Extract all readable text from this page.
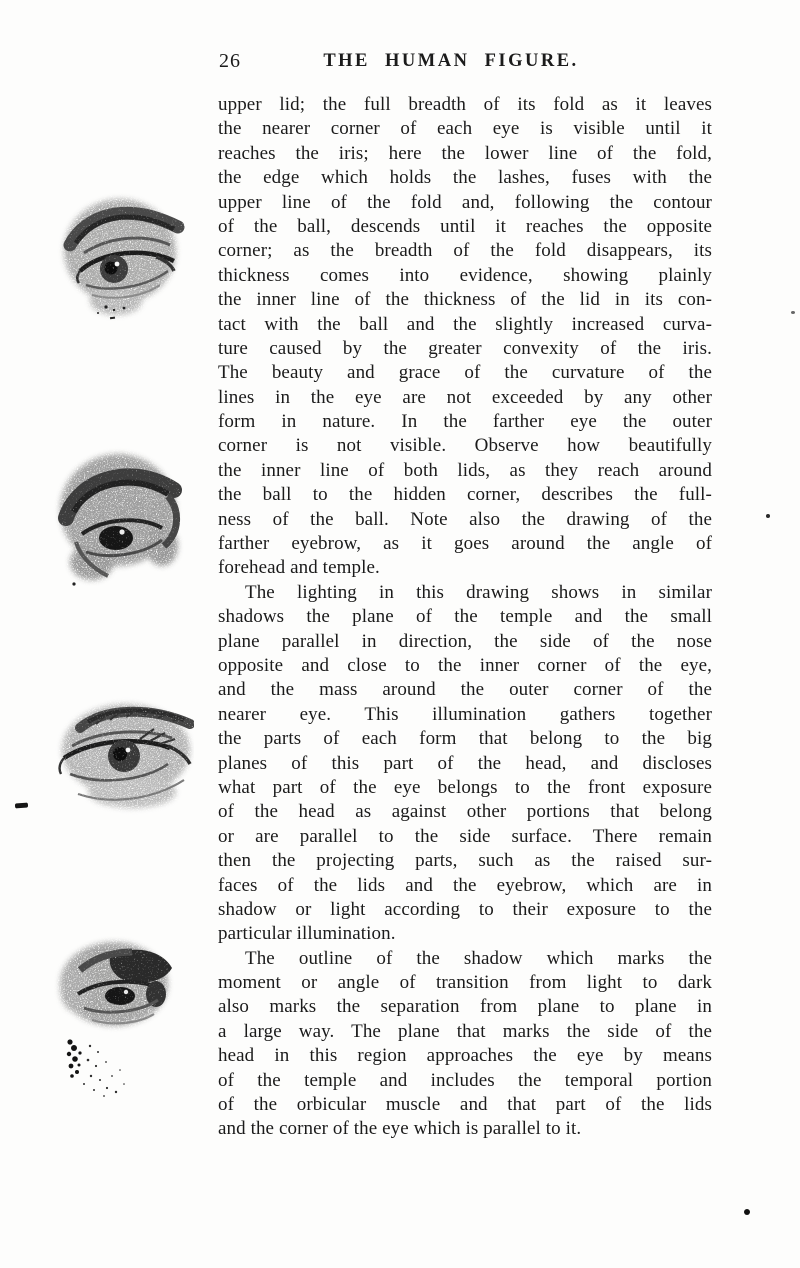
26	THE HUMAN FIGURE.
upper lid; the full breadth of its fold as it leaves
the nearer corner of each eye is visible until it
reaches the iris; here the lower line of the fold,
the edge which holds the lashes, fuses with the
upper line of the fold and, following the contour
of the ball, descends until it reaches the opposite
corner; as the breadth of the fold disappears, its
thickness comes into evidence, showing plainly
the inner line of the thickness of the lid in its con-
tact with the ball and the slightly increased curva-
ture caused by the greater convexity of the iris.
The beauty and grace of the curvature of the
lines in the eye are not exceeded by any other
form in nature. In the farther eye the outer
corner is not visible. Observe how beautifully
the inner line of both lids, as they reach around
the ball to the hidden corner, describes the full-
ness of the ball. Note also the drawing of the
farther eyebrow, as it goes around the angle of
forehead and temple.
The lighting in this drawing shows in similar
shadows the plane of the temple and the small
plane parallel in direction, the side of the nose
opposite and close to the inner corner of the eye,
and the mass around the outer corner of the
nearer eye. This illumination gathers together
the parts of each form that belong to the big
planes of this part of the head, and discloses
what part of the eye belongs to the front exposure
of the head as against other portions that belong
or are parallel to the side surface. There remain
then the projecting parts, such as the raised sur-
faces of the lids and the eyebrow, which are in
shadow or light according to their exposure to the
particular illumination.
The outline of the shadow which marks the
moment or angle of transition from light to dark
also marks the separation from plane to plane in
a large way. The plane that marks the side of the
head in this region approaches the eye by means
of the temple and includes the temporal portion
of the orbicular muscle and that part of the lids
and the corner of the eye which is parallel to it.
